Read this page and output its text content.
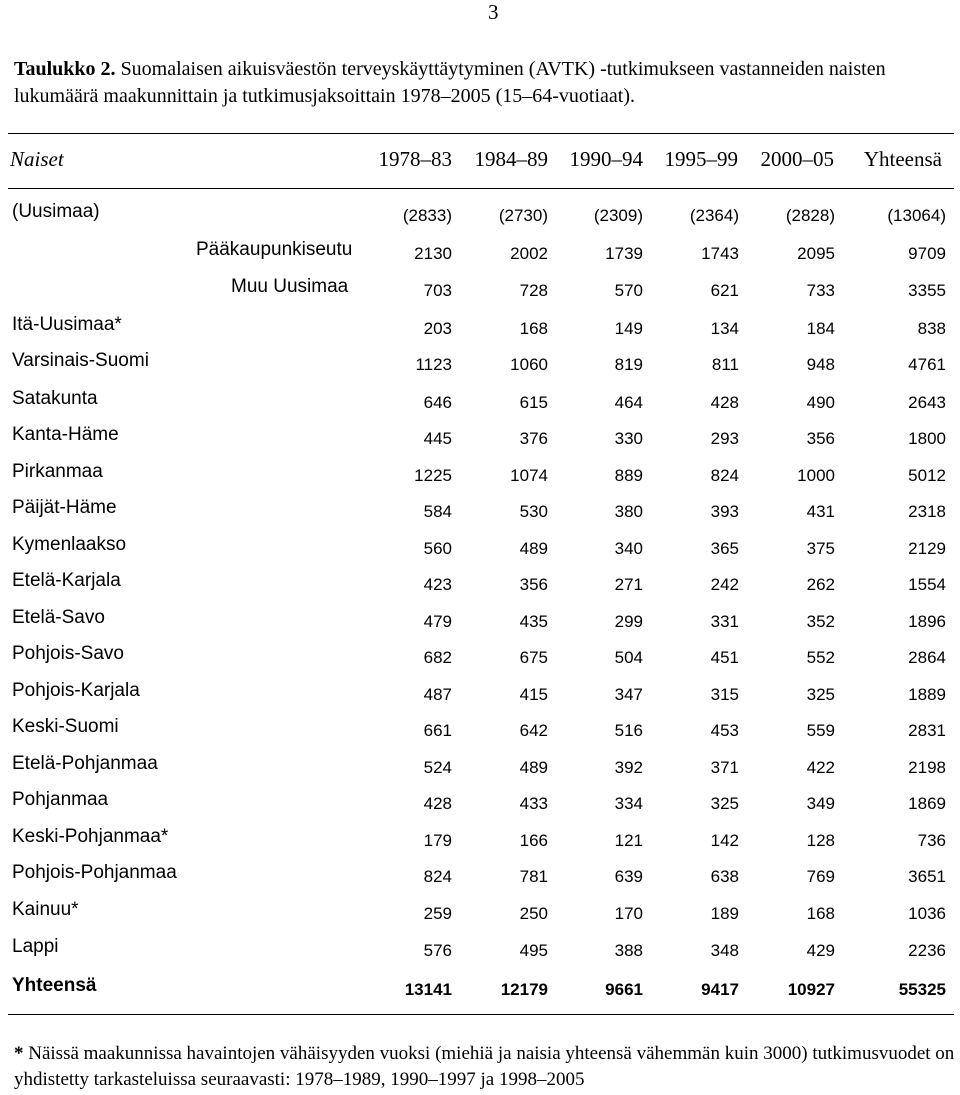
3
Taulukko 2. Suomalaisen aikuisväestön terveyskäyttäytyminen (AVTK) -tutkimukseen vastanneiden naisten lukumäärä maakunnittain ja tutkimusjaksoittain 1978–2005 (15–64-vuotiaat).
Naiset	1978–83	1984–89	1990–94	1995–99	2000–05	Yhteensä
(Uusimaa)	(2833)	(2730)	(2309)	(2364)	(2828)	(13064)
Pääkaupunkiseutu	2130	2002	1739	1743	2095	9709
Muu Uusimaa	703	728	570	621	733	3355
Itä-Uusimaa*	203	168	149	134	184	838
Varsinais-Suomi	1123	1060	819	811	948	4761
Satakunta	646	615	464	428	490	2643
Kanta-Häme	445	376	330	293	356	1800
Pirkanmaa	1225	1074	889	824	1000	5012
Päijät-Häme	584	530	380	393	431	2318
Kymenlaakso	560	489	340	365	375	2129
Etelä-Karjala	423	356	271	242	262	1554
Etelä-Savo	479	435	299	331	352	1896
Pohjois-Savo	682	675	504	451	552	2864
Pohjois-Karjala	487	415	347	315	325	1889
Keski-Suomi	661	642	516	453	559	2831
Etelä-Pohjanmaa	524	489	392	371	422	2198
Pohjanmaa	428	433	334	325	349	1869
Keski-Pohjanmaa*	179	166	121	142	128	736
Pohjois-Pohjanmaa	824	781	639	638	769	3651
Kainuu*	259	250	170	189	168	1036
Lappi	576	495	388	348	429	2236
Yhteensä	13141	12179	9661	9417	10927	55325
* Näissä maakunnissa havaintojen vähäisyyden vuoksi (miehiä ja naisia yhteensä vähemmän kuin 3000) tutkimusvuodet on yhdistetty tarkasteluissa seuraavasti: 1978–1989, 1990–1997 ja 1998–2005
